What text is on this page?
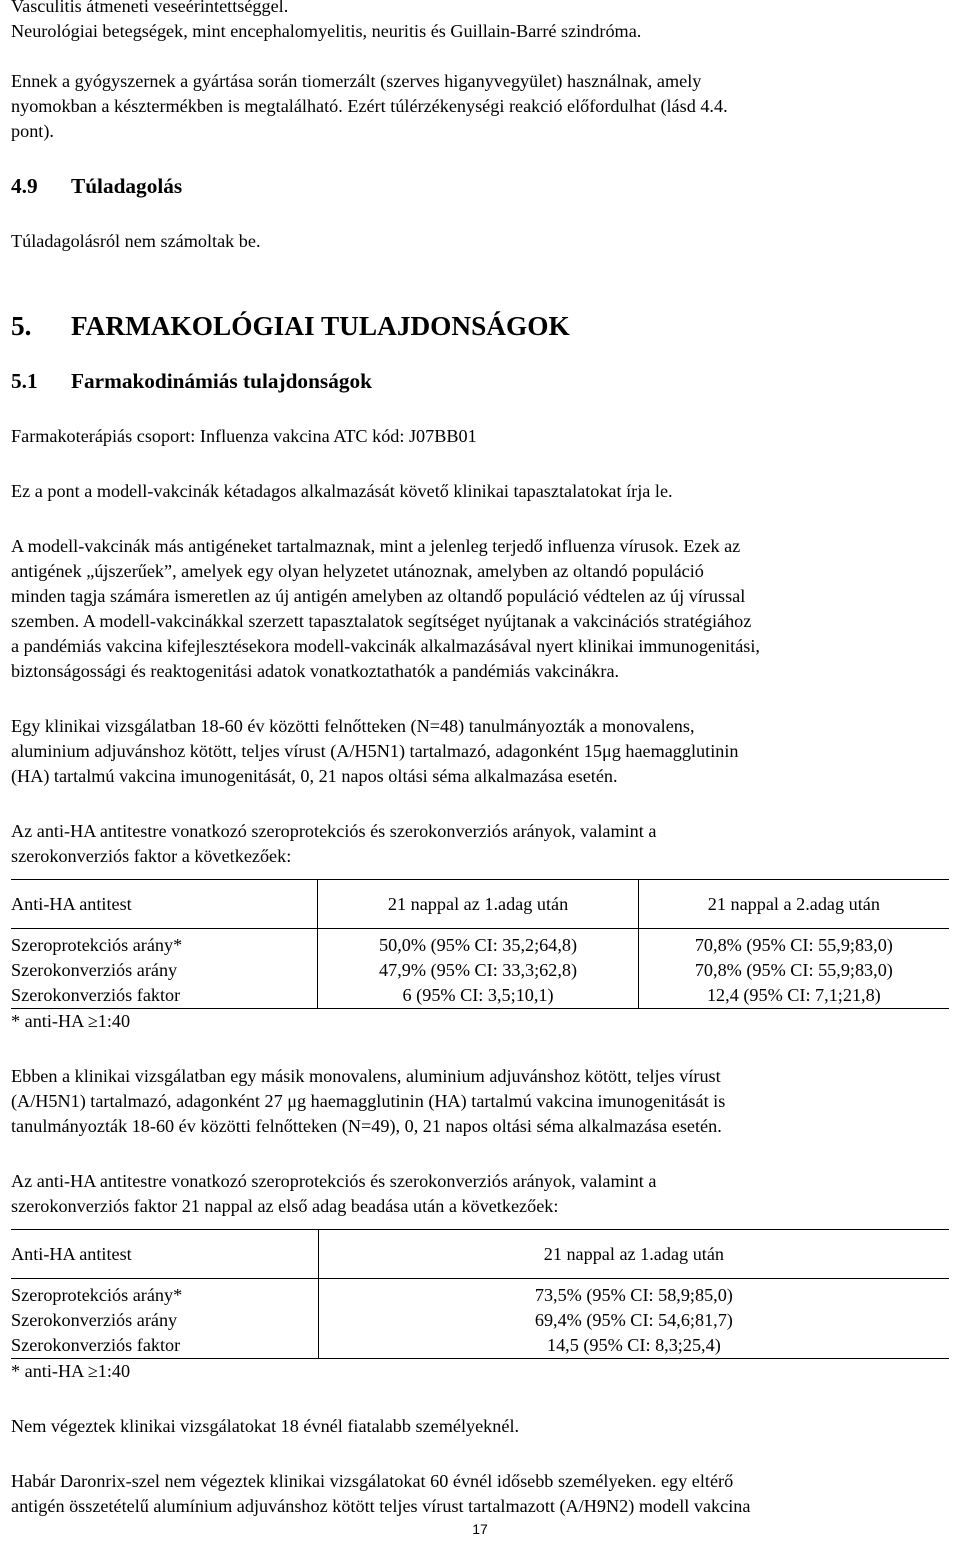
Vasculitis átmeneti veseérintettséggel.

Neurológiai betegségek, mint encephalomyelitis, neuritis és Guillain-Barré szindróma.

Ennek a gyógyszernek a gyártása során tiomerzált (szerves higanyvegyület) használnak, amely

nyomokban a késztermékben is megtalálható. Ezért túlérzékenységi reakció előfordulhat (lásd 4.4.

pont).

4.9	Túladagolás

Túladagolásról nem számoltak be.

5.	FARMAKOLÓGIAI TULAJDONSÁGOK
5.1	Farmakodinámiás tulajdonságok

Farmakoterápiás csoport: Influenza vakcina ATC kód: J07BB01

Ez a pont a modell-vakcinák kétadagos alkalmazását követő klinikai tapasztalatokat írja le.

A modell-vakcinák más antigéneket tartalmaznak, mint a jelenleg terjedő influenza vírusok. Ezek az

antigének „újszerűek”, amelyek egy olyan helyzetet utánoznak, amelyben az oltandó populáció

minden tagja számára ismeretlen az új antigén amelyben az oltandő populáció védtelen az új vírussal

szemben. A modell-vakcinákkal szerzett tapasztalatok segítséget nyújtanak a vakcinációs stratégiához

a pandémiás vakcina kifejlesztésekora modell-vakcinák alkalmazásával nyert klinikai immunogenitási,

biztonságossági és reaktogenitási adatok vonatkoztathatók a pandémiás vakcinákra.

Egy klinikai vizsgálatban 18-60 év közötti felnőtteken (N=48) tanulmányozták a monovalens,

aluminium adjuvánshoz kötött, teljes vírust (A/H5N1) tartalmazó, adagonként 15μg haemagglutinin

(HA) tartalmú vakcina imunogenitását, 0, 21 napos oltási séma alkalmazása esetén.

Az anti-HA antitestre vonatkozó szeroprotekciós és szerokonverziós arányok, valamint a

szerokonverziós faktor a következőek:

Anti-HA antitest	21 nappal az 1.adag után	21 nappal a 2.adag után
Szeroprotekciós arány*	50,0% (95% CI: 35,2;64,8)	70,8% (95% CI: 55,9;83,0)
Szerokonverziós arány	47,9% (95% CI: 33,3;62,8)	70,8% (95% CI: 55,9;83,0)
Szerokonverziós faktor	6 (95% CI: 3,5;10,1)	12,4 (95% CI: 7,1;21,8)

* anti-HA ≥1:40

Ebben a klinikai vizsgálatban egy másik monovalens, aluminium adjuvánshoz kötött, teljes vírust

(A/H5N1) tartalmazó, adagonként 27 μg haemagglutinin (HA) tartalmú vakcina imunogenitását is

tanulmányozták 18-60 év közötti felnőtteken (N=49), 0, 21 napos oltási séma alkalmazása esetén.

Az anti-HA antitestre vonatkozó szeroprotekciós és szerokonverziós arányok, valamint a

szerokonverziós faktor 21 nappal az első adag beadása után a következőek:

Anti-HA antitest	21 nappal az 1.adag után
Szeroprotekciós arány*	73,5% (95% CI: 58,9;85,0)
Szerokonverziós arány	69,4% (95% CI: 54,6;81,7)
Szerokonverziós faktor	14,5 (95% CI: 8,3;25,4)

* anti-HA ≥1:40

Nem végeztek klinikai vizsgálatokat 18 évnél fiatalabb személyeknél.

Habár Daronrix-szel nem végeztek klinikai vizsgálatokat 60 évnél idősebb személyeken. egy eltérő

antigén összetételű alumínium adjuvánshoz kötött teljes vírust tartalmazott (A/H9N2) modell vakcina

17
